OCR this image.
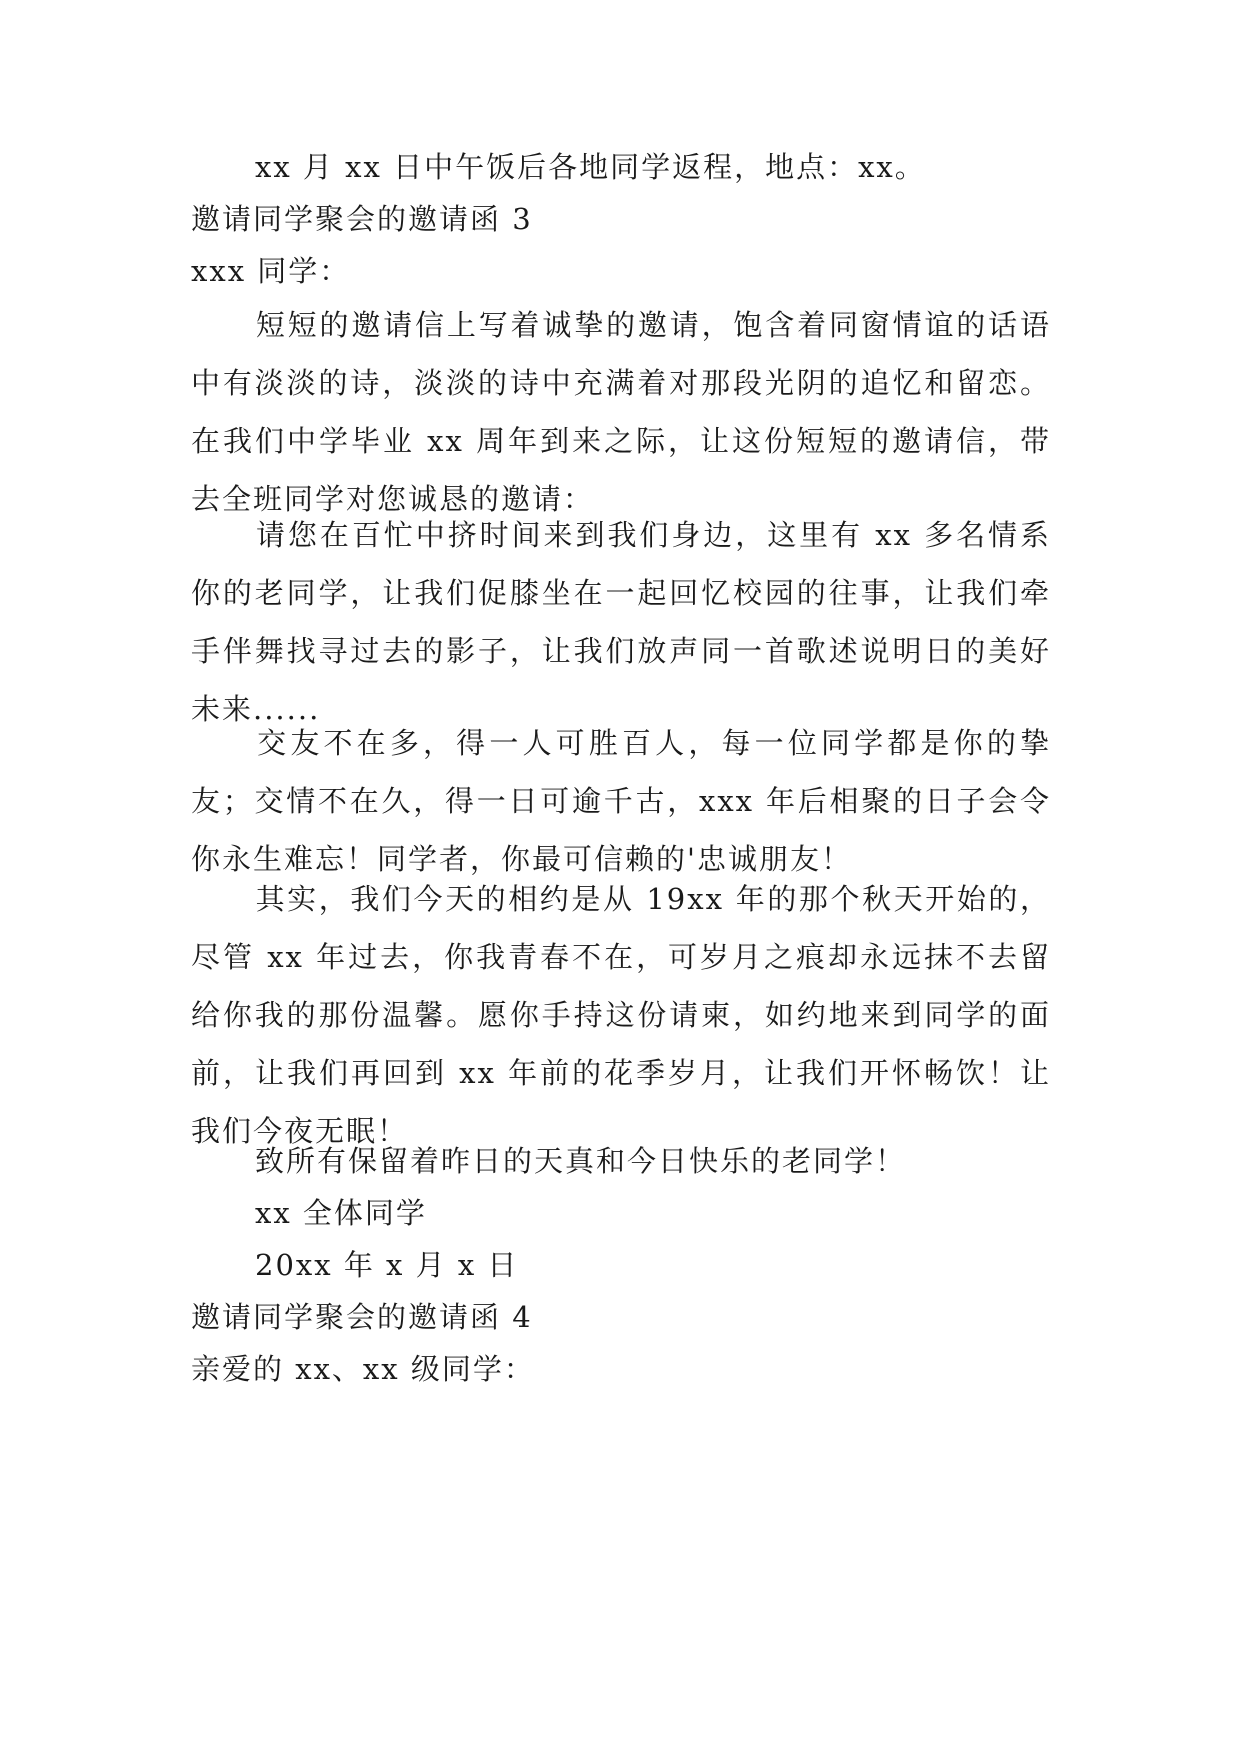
xx 月 xx 日中午饭后各地同学返程，地点：xx。
邀请同学聚会的邀请函 3
xxx 同学：
短短的邀请信上写着诚挚的邀请，饱含着同窗情谊的话语中有淡淡的诗，淡淡的诗中充满着对那段光阴的追忆和留恋。在我们中学毕业 xx 周年到来之际，让这份短短的邀请信，带去全班同学对您诚恳的邀请：
请您在百忙中挤时间来到我们身边，这里有 xx 多名情系你的老同学，让我们促膝坐在一起回忆校园的往事，让我们牵手伴舞找寻过去的影子，让我们放声同一首歌述说明日的美好未来......
交友不在多，得一人可胜百人，每一位同学都是你的挚友；交情不在久，得一日可逾千古，xxx 年后相聚的日子会令你永生难忘！同学者，你最可信赖的'忠诚朋友！
其实，我们今天的相约是从 19xx 年的那个秋天开始的，尽管 xx 年过去，你我青春不在，可岁月之痕却永远抹不去留给你我的那份温馨。愿你手持这份请柬，如约地来到同学的面前，让我们再回到 xx 年前的花季岁月，让我们开怀畅饮！让我们今夜无眠！
致所有保留着昨日的天真和今日快乐的老同学！
xx 全体同学
20xx 年 x 月 x 日
邀请同学聚会的邀请函 4
亲爱的 xx、xx 级同学：
